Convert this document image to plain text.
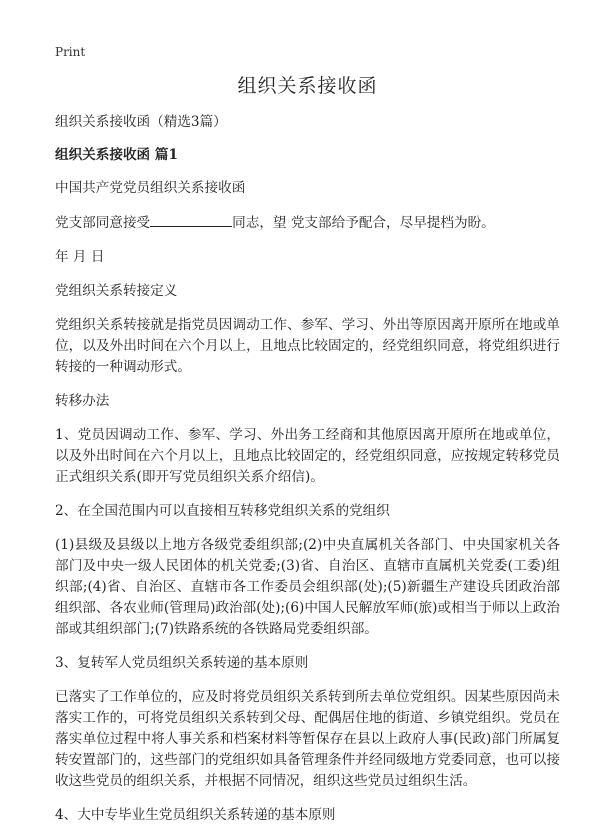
Print
组织关系接收函

组织关系接收函（精选3篇）

组织关系接收函 篇1

中国共产党党员组织关系接收函

党支部同意接受	同志，望 党支部给予配合，尽早提档为盼。

年 月 日

党组织关系转接定义

党组织关系转接就是指党员因调动工作、参军、学习、外出等原因离开原所在地或单位，以及外出时间在六个月以上，且地点比较固定的，经党组织同意，将党组织进行转接的一种调动形式。

转移办法

1、党员因调动工作、参军、学习、外出务工经商和其他原因离开原所在地或单位，以及外出时间在六个月以上，且地点比较固定的，经党组织同意，应按规定转移党员正式组织关系(即开写党员组织关系介绍信)。

2、在全国范围内可以直接相互转移党组织关系的党组织

(1)县级及县级以上地方各级党委组织部;(2)中央直属机关各部门、中央国家机关各部门及中央一级人民团体的机关党委;(3)省、自治区、直辖市直属机关党委(工委)组织部;(4)省、自治区、直辖市各工作委员会组织部(处);(5)新疆生产建设兵团政治部组织部、各农业师(管理局)政治部(处);(6)中国人民解放军师(旅)或相当于师以上政治部或其组织部门;(7)铁路系统的各铁路局党委组织部。

3、复转军人党员组织关系转递的基本原则

已落实了工作单位的，应及时将党员组织关系转到所去单位党组织。因某些原因尚未落实工作的，可将党员组织关系转到父母、配偶居住地的街道、乡镇党组织。党员在落实单位过程中将人事关系和档案材料等暂保存在县以上政府人事(民政)部门所属复转安置部门的，这些部门的党组织如具备管理条件并经同级地方党委同意，也可以接收这些党员的组织关系，并根据不同情况，组织这些党员过组织生活。

4、大中专毕业生党员组织关系转递的基本原则
